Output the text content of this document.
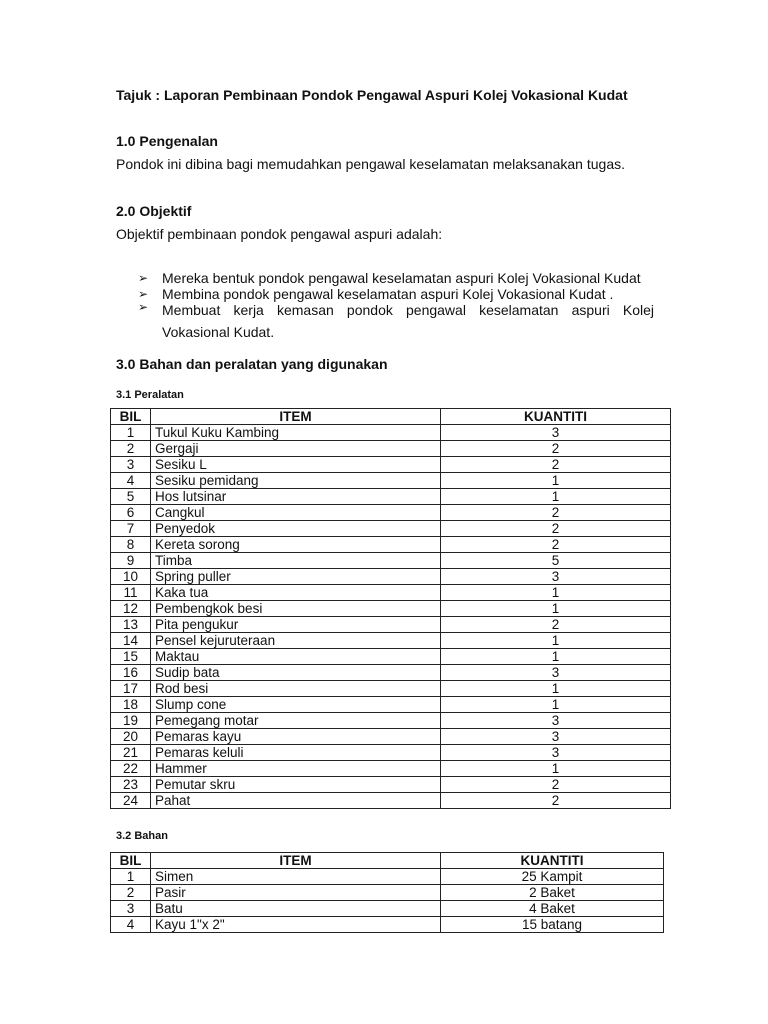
Tajuk : Laporan Pembinaan Pondok Pengawal Aspuri Kolej Vokasional Kudat
1.0 Pengenalan
Pondok ini dibina bagi memudahkan pengawal keselamatan melaksanakan tugas.
2.0 Objektif
Objektif pembinaan pondok pengawal aspuri adalah:
➢ Mereka bentuk pondok pengawal keselamatan aspuri Kolej Vokasional Kudat
➢ Membina pondok pengawal keselamatan aspuri Kolej Vokasional Kudat .
➢ Membuat kerja kemasan pondok pengawal keselamatan aspuri Kolej Vokasional Kudat.
3.0 Bahan dan peralatan yang digunakan
3.1 Peralatan
BIL	ITEM	KUANTITI
1	Tukul Kuku Kambing	3
2	Gergaji	2
3	Sesiku L	2
4	Sesiku pemidang	1
5	Hos lutsinar	1
6	Cangkul	2
7	Penyedok	2
8	Kereta sorong	2
9	Timba	5
10	Spring puller	3
11	Kaka tua	1
12	Pembengkok besi	1
13	Pita pengukur	2
14	Pensel kejuruteraan	1
15	Maktau	1
16	Sudip bata	3
17	Rod besi	1
18	Slump cone	1
19	Pemegang motar	3
20	Pemaras kayu	3
21	Pemaras keluli	3
22	Hammer	1
23	Pemutar skru	2
24	Pahat	2
3.2 Bahan
BIL	ITEM	KUANTITI
1	Simen	25 Kampit
2	Pasir	2 Baket
3	Batu	4 Baket
4	Kayu 1"x 2"	15 batang
